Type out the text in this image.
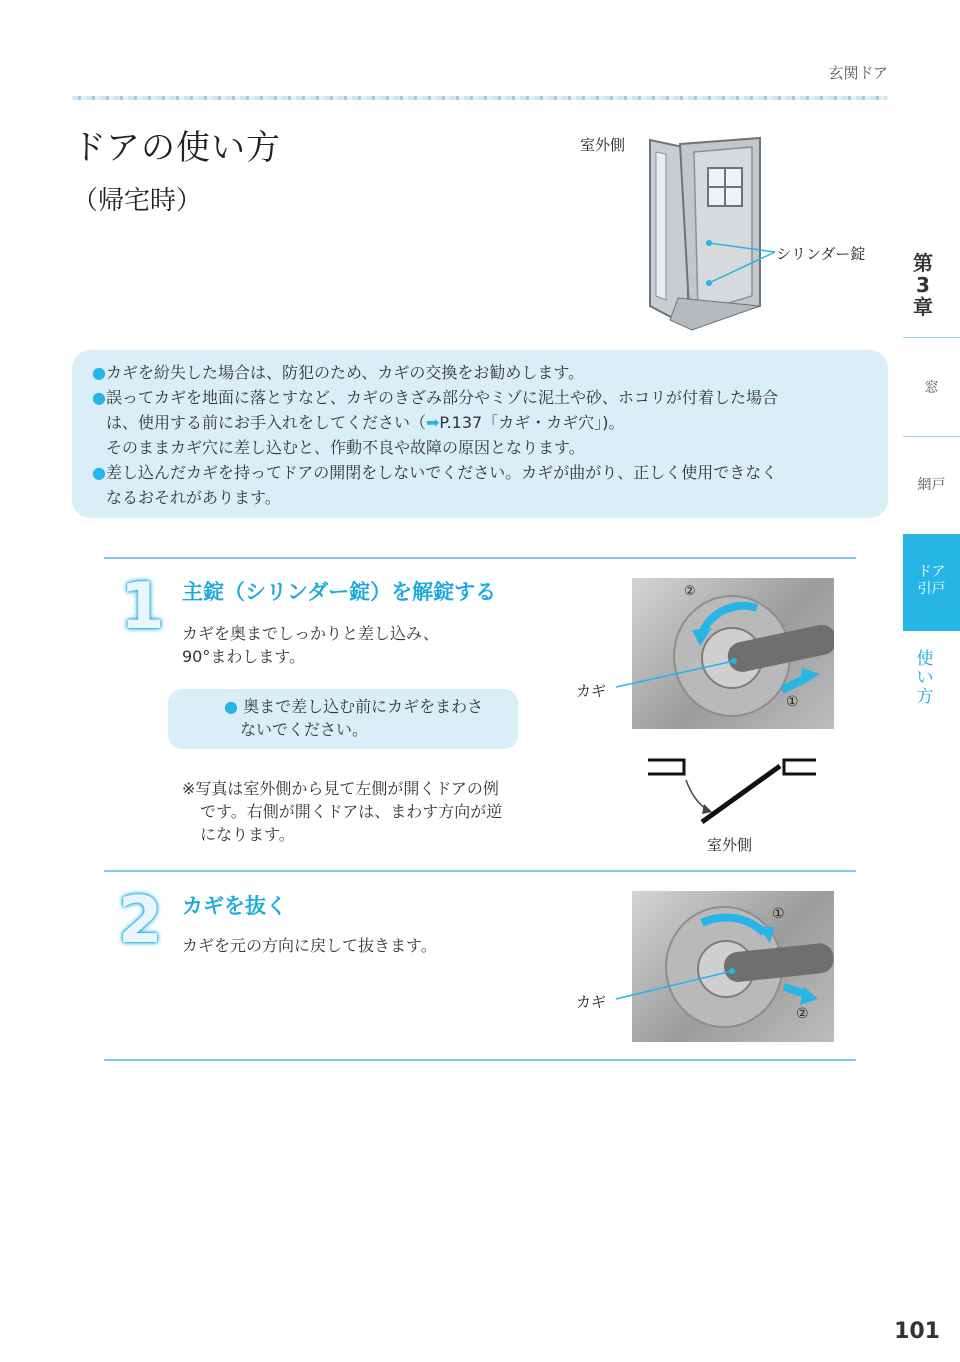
玄関ドア
ドアの使い方
（帰宅時）
室外側
シリンダー錠	第
3
章
窓
網戸
ドア
引戸
使
い
方
● カギを紛失した場合は、防犯のため、カギの交換をお勧めします。
● 誤ってカギを地面に落とすなど、カギのきざみ部分やミゾに泥土や砂、ホコリが付着した場合
は、使用する前にお手入れをしてください（➡P.137「カギ・カギ穴」)。
そのままカギ穴に差し込むと、作動不良や故障の原因となります。
● 差し込んだカギを持ってドアの開閉をしないでください。カギが曲がり、正しく使用できなく
なるおそれがあります。
1 主錠（シリンダー錠）を解錠する
カギを奥までしっかりと差し込み、
90°まわします。
● 奥まで差し込む前にカギをまわさ
ないでください。
※写真は室外側から見て左側が開くドアの例
です。右側が開くドアは、まわす方向が逆
になります。
②
①
カギ
室外側
2 カギを抜く
カギを元の方向に戻して抜きます。
①
②
カギ
101
